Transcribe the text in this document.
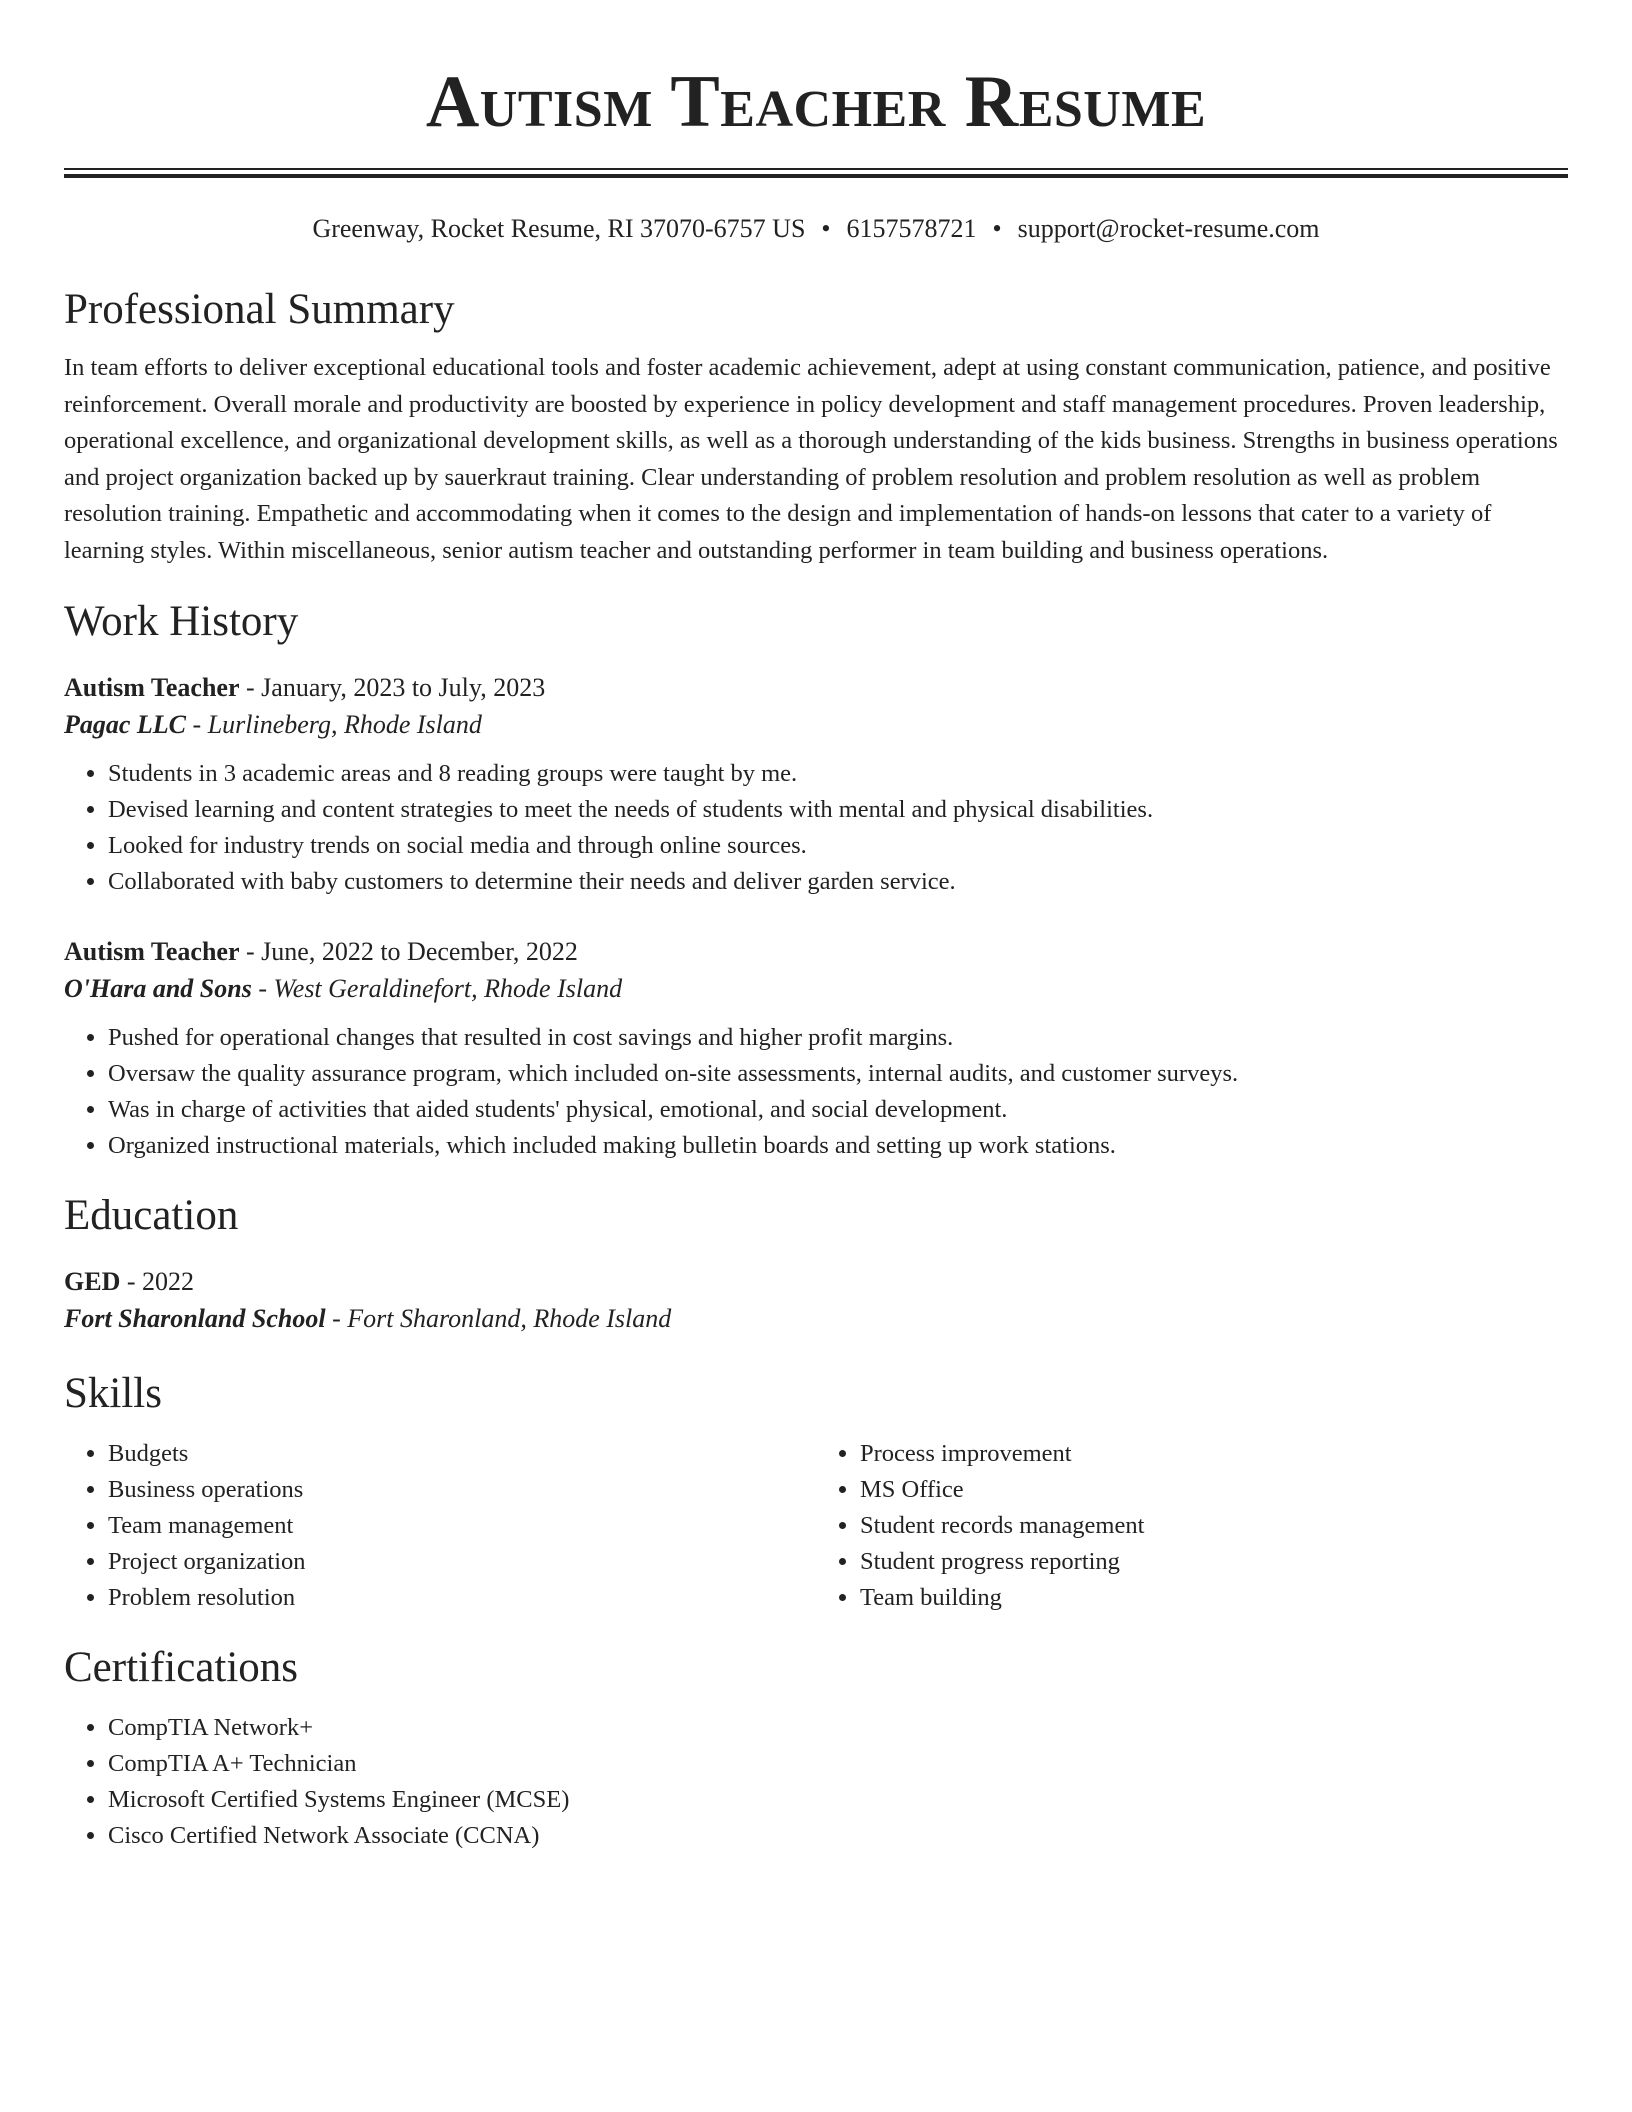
Autism Teacher Resume
Greenway, Rocket Resume, RI 37070-6757 US • 6157578721 • support@rocket-resume.com
Professional Summary

In team efforts to deliver exceptional educational tools and foster academic achievement, adept at using constant communication, patience, and positive reinforcement. Overall morale and productivity are boosted by experience in policy development and staff management procedures. Proven leadership, operational excellence, and organizational development skills, as well as a thorough understanding of the kids business. Strengths in business operations and project organization backed up by sauerkraut training. Clear understanding of problem resolution and problem resolution as well as problem resolution training. Empathetic and accommodating when it comes to the design and implementation of hands-on lessons that cater to a variety of learning styles. Within miscellaneous, senior autism teacher and outstanding performer in team building and business operations.

Work History
Autism Teacher - January, 2023 to July, 2023
Pagac LLC - Lurlineberg, Rhode Island
• Students in 3 academic areas and 8 reading groups were taught by me.
• Devised learning and content strategies to meet the needs of students with mental and physical disabilities.
• Looked for industry trends on social media and through online sources.
• Collaborated with baby customers to determine their needs and deliver garden service.
Autism Teacher - June, 2022 to December, 2022
O'Hara and Sons - West Geraldinefort, Rhode Island
• Pushed for operational changes that resulted in cost savings and higher profit margins.
• Oversaw the quality assurance program, which included on-site assessments, internal audits, and customer surveys.
• Was in charge of activities that aided students' physical, emotional, and social development.
• Organized instructional materials, which included making bulletin boards and setting up work stations.
Education
GED - 2022
Fort Sharonland School - Fort Sharonland, Rhode Island
Skills
• Budgets
• Business operations
• Team management
• Project organization
• Problem resolution
• Process improvement
• MS Office
• Student records management
• Student progress reporting
• Team building
Certifications
• CompTIA Network+
• CompTIA A+ Technician
• Microsoft Certified Systems Engineer (MCSE)
• Cisco Certified Network Associate (CCNA)
